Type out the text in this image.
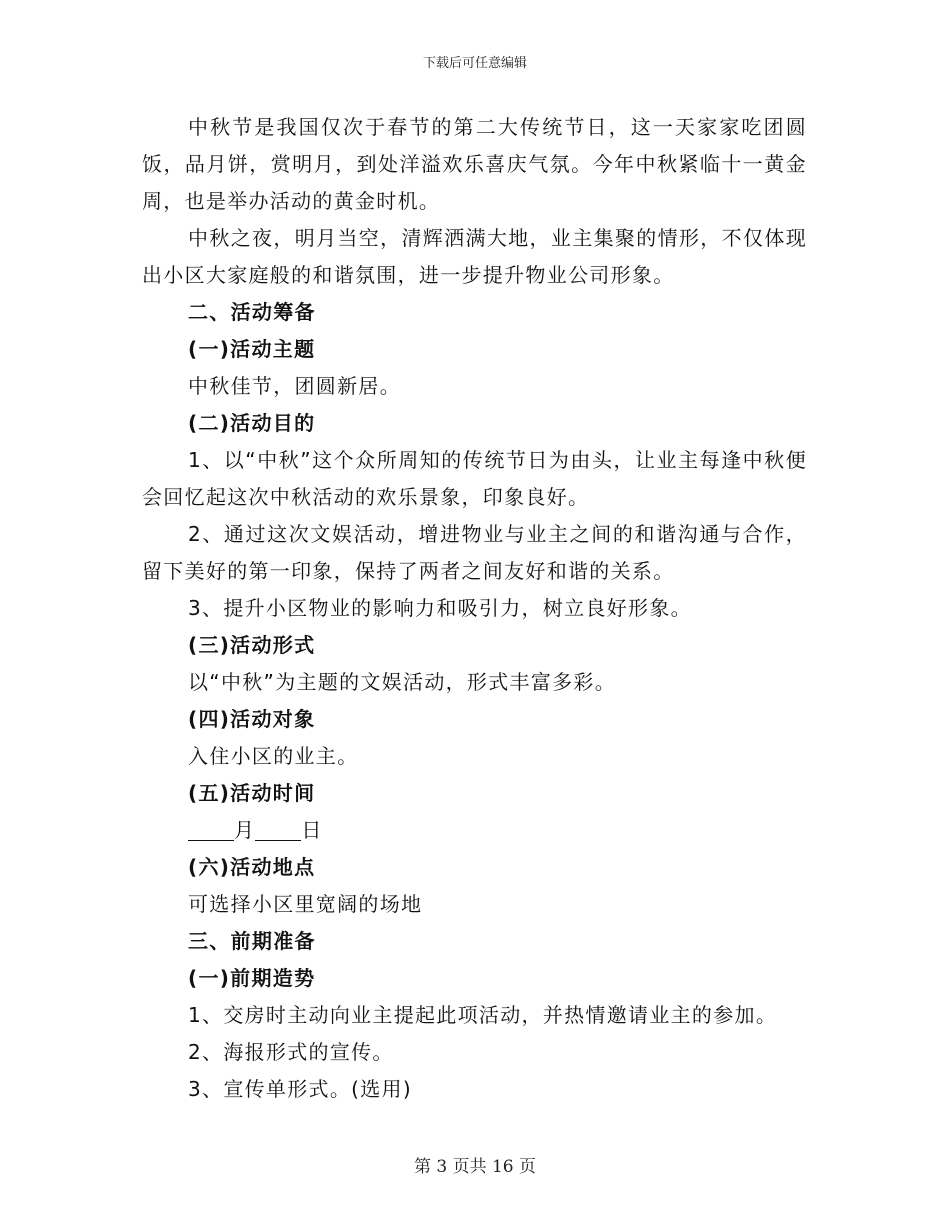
下载后可任意编辑

中秋节是我国仅次于春节的第二大传统节日，这一天家家吃团圆饭，品月饼，赏明月，到处洋溢欢乐喜庆气氛。今年中秋紧临十一黄金周，也是举办活动的黄金时机。

中秋之夜，明月当空，清辉洒满大地，业主集聚的情形，不仅体现出小区大家庭般的和谐氛围，进一步提升物业公司形象。

二、活动筹备

(一)活动主题

中秋佳节，团圆新居。

(二)活动目的

1、以“中秋”这个众所周知的传统节日为由头，让业主每逢中秋便会回忆起这次中秋活动的欢乐景象，印象良好。

2、通过这次文娱活动，增进物业与业主之间的和谐沟通与合作，留下美好的第一印象，保持了两者之间友好和谐的关系。

3、提升小区物业的影响力和吸引力，树立良好形象。

(三)活动形式

以“中秋”为主题的文娱活动，形式丰富多彩。

(四)活动对象

入住小区的业主。

(五)活动时间

月 日

(六)活动地点

可选择小区里宽阔的场地

三、前期准备

(一)前期造势

1、交房时主动向业主提起此项活动，并热情邀请业主的参加。

2、海报形式的宣传。

3、宣传单形式。(选用)

第 3 页共 16 页
